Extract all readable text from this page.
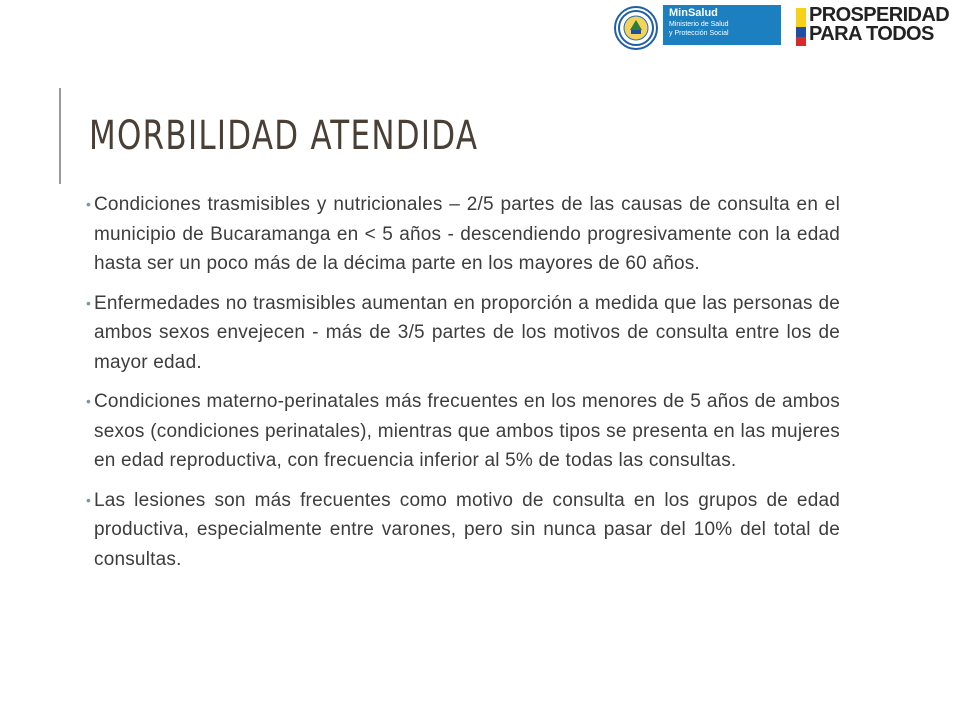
MinSalud
Ministerio de Salud
y Protección Social
PROSPERIDAD
PARA TODOS
MORBILIDAD ATENDIDA
• Condiciones trasmisibles y nutricionales – 2/5 partes de las causas de consulta en el municipio de Bucaramanga en < 5 años - descendiendo progresivamente con la edad hasta ser un poco más de la décima parte en los mayores de 60 años.
• Enfermedades no trasmisibles aumentan en proporción a medida que las personas de ambos sexos envejecen - más de 3/5 partes de los motivos de consulta entre los de mayor edad.
• Condiciones materno-perinatales más frecuentes en los menores de 5 años de ambos sexos (condiciones perinatales), mientras que ambos tipos se presenta en las mujeres en edad reproductiva, con frecuencia inferior al 5% de todas las consultas.
• Las lesiones son más frecuentes como motivo de consulta en los grupos de edad productiva, especialmente entre varones, pero sin nunca pasar del 10% del total de consultas.
